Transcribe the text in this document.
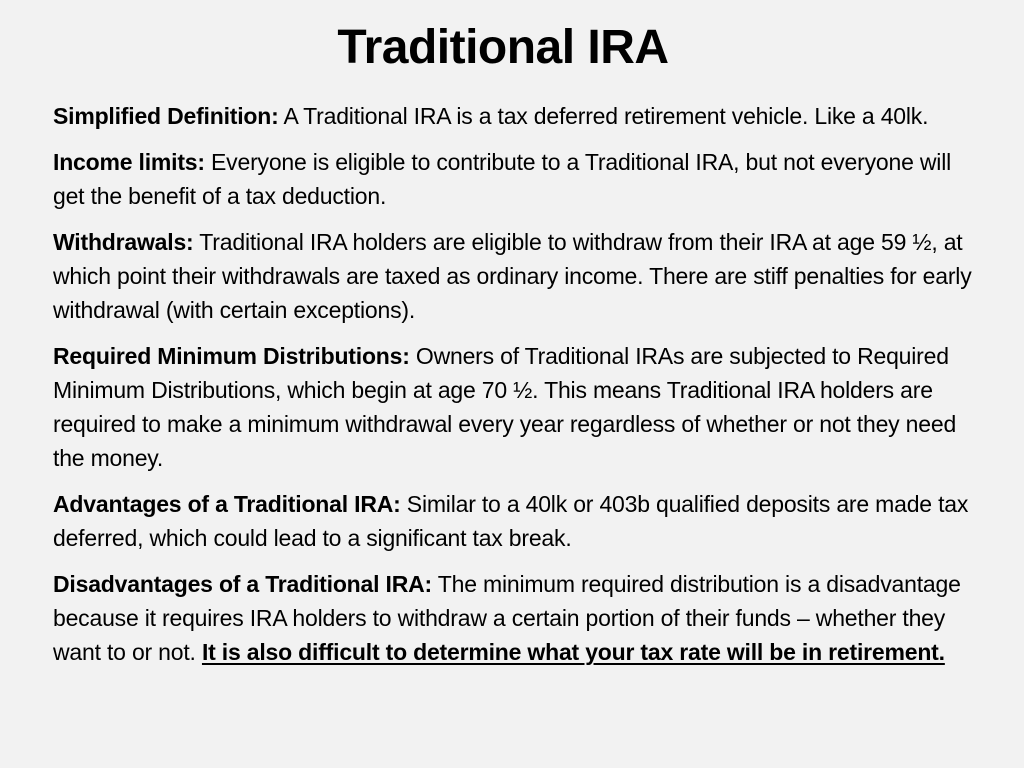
Traditional IRA

Simplified Definition: A Traditional IRA is a tax deferred retirement vehicle. Like a 40lk.

Income limits: Everyone is eligible to contribute to a Traditional IRA, but not everyone will get the benefit of a tax deduction.

Withdrawals: Traditional IRA holders are eligible to withdraw from their IRA at age 59 ½, at which point their withdrawals are taxed as ordinary income. There are stiff penalties for early withdrawal (with certain exceptions).

Required Minimum Distributions: Owners of Traditional IRAs are subjected to Required Minimum Distributions, which begin at age 70 ½. This means Traditional IRA holders are required to make a minimum withdrawal every year regardless of whether or not they need the money.

Advantages of a Traditional IRA: Similar to a 40lk or 403b qualified deposits are made tax deferred, which could lead to a significant tax break.

Disadvantages of a Traditional IRA: The minimum required distribution is a disadvantage because it requires IRA holders to withdraw a certain portion of their funds – whether they want to or not. It is also difficult to determine what your tax rate will be in retirement.
